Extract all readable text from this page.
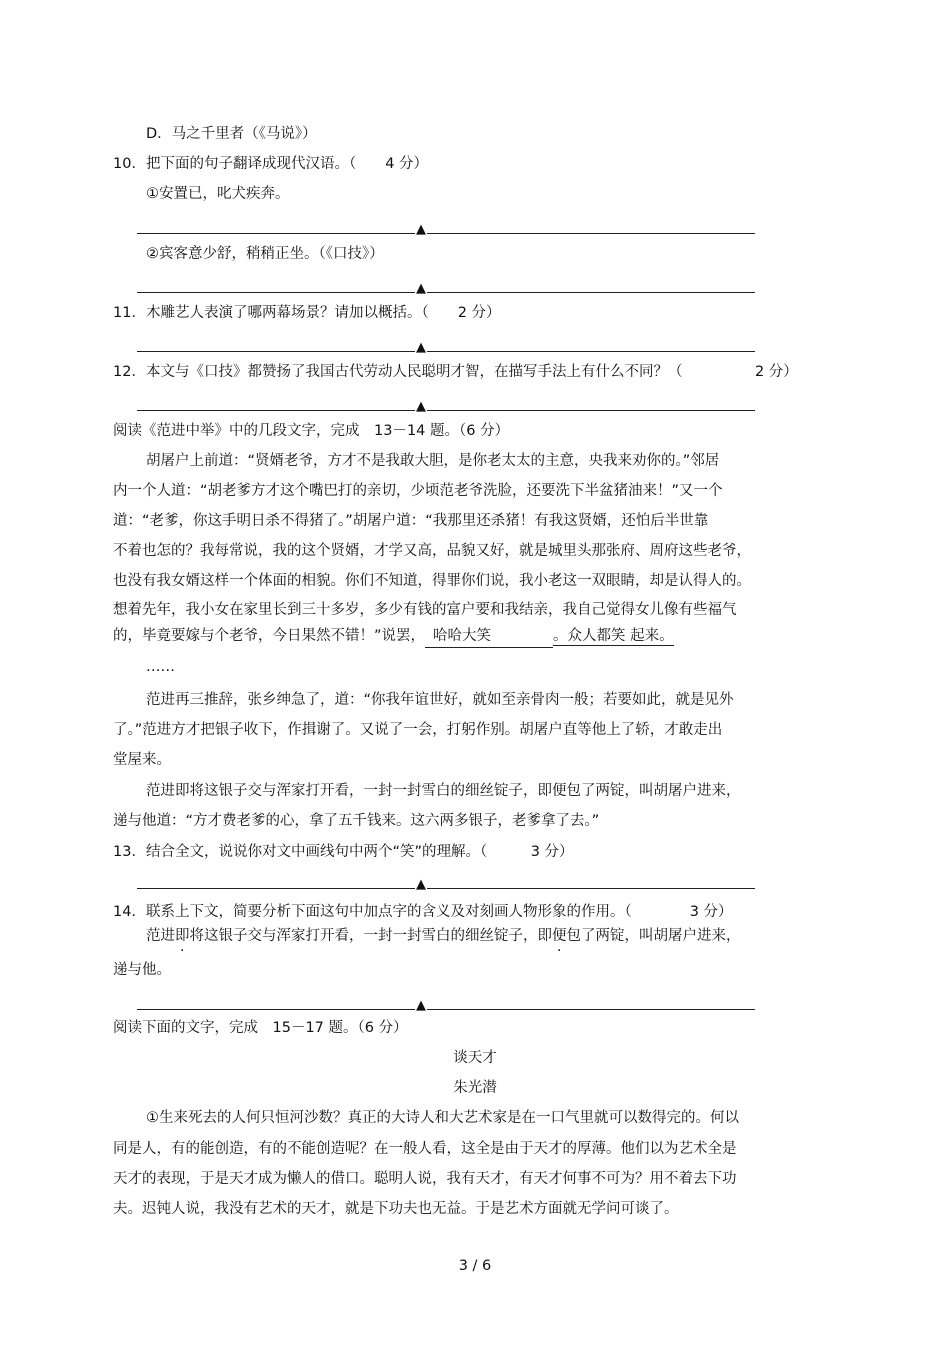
D．马之千里者（《马说》）
10．把下面的句子翻译成现代汉语。（　　4 分）
①安置已，叱犬疾奔。
▲
②宾客意少舒，稍稍正坐。（《口技》）
▲
11．木雕艺人表演了哪两幕场景？请加以概括。（　　2 分）
▲
12．本文与《口技》都赞扬了我国古代劳动人民聪明才智，在描写手法上有什么不同？（　　　　　2 分）
▲
阅读《范进中举》中的几段文字，完成　13－14 题。（6 分）
胡屠户上前道：“贤婿老爷，方才不是我敢大胆，是你老太太的主意，央我来劝你的。”邻居
内一个人道：“胡老爹方才这个嘴巴打的亲切，少顷范老爷洗脸，还要洗下半盆猪油来！”又一个
道：“老爹，你这手明日杀不得猪了。”胡屠户道：“我那里还杀猪！有我这贤婿，还怕后半世靠
不着也怎的？我每常说，我的这个贤婿，才学又高，品貌又好，就是城里头那张府、周府这些老爷，
也没有我女婿这样一个体面的相貌。你们不知道，得罪你们说，我小老这一双眼睛，却是认得人的。
想着先年，我小女在家里长到三十多岁，多少有钱的富户要和我结亲，我自己觉得女儿像有些福气
的，毕竟要嫁与个老爷，今日果然不错！”说罢， 哈哈大笑	。众人都笑 起来。
……
范进再三推辞，张乡绅急了，道：“你我年谊世好，就如至亲骨肉一般；若要如此，就是见外
了。”范进方才把银子收下，作揖谢了。又说了一会，打躬作别。胡屠户直等他上了轿，才敢走出
堂屋来。
范进即将这银子交与浑家打开看，一封一封雪白的细丝锭子，即便包了两锭，叫胡屠户进来，
递与他道：“方才费老爹的心，拿了五千钱来。这六两多银子，老爹拿了去。”
13．结合全文，说说你对文中画线句中两个“笑”的理解。（　　　3 分）
▲
14．联系上下文，简要分析下面这句中加点字的含义及对刻画人物形象的作用。（　　　　3 分）
范进即将这银子交与浑家打开看，一封一封雪白的细丝锭子，即便包了两锭，叫胡屠户进来，
递与他。
▲
阅读下面的文字，完成　15－17 题。（6 分）
谈天才
朱光潜
①生来死去的人何只恒河沙数？真正的大诗人和大艺术家是在一口气里就可以数得完的。何以
同是人，有的能创造，有的不能创造呢？在一般人看，这全是由于天才的厚薄。他们以为艺术全是
天才的表现，于是天才成为懒人的借口。聪明人说，我有天才，有天才何事不可为？用不着去下功
夫。迟钝人说，我没有艺术的天才，就是下功夫也无益。于是艺术方面就无学问可谈了。
3 / 6
